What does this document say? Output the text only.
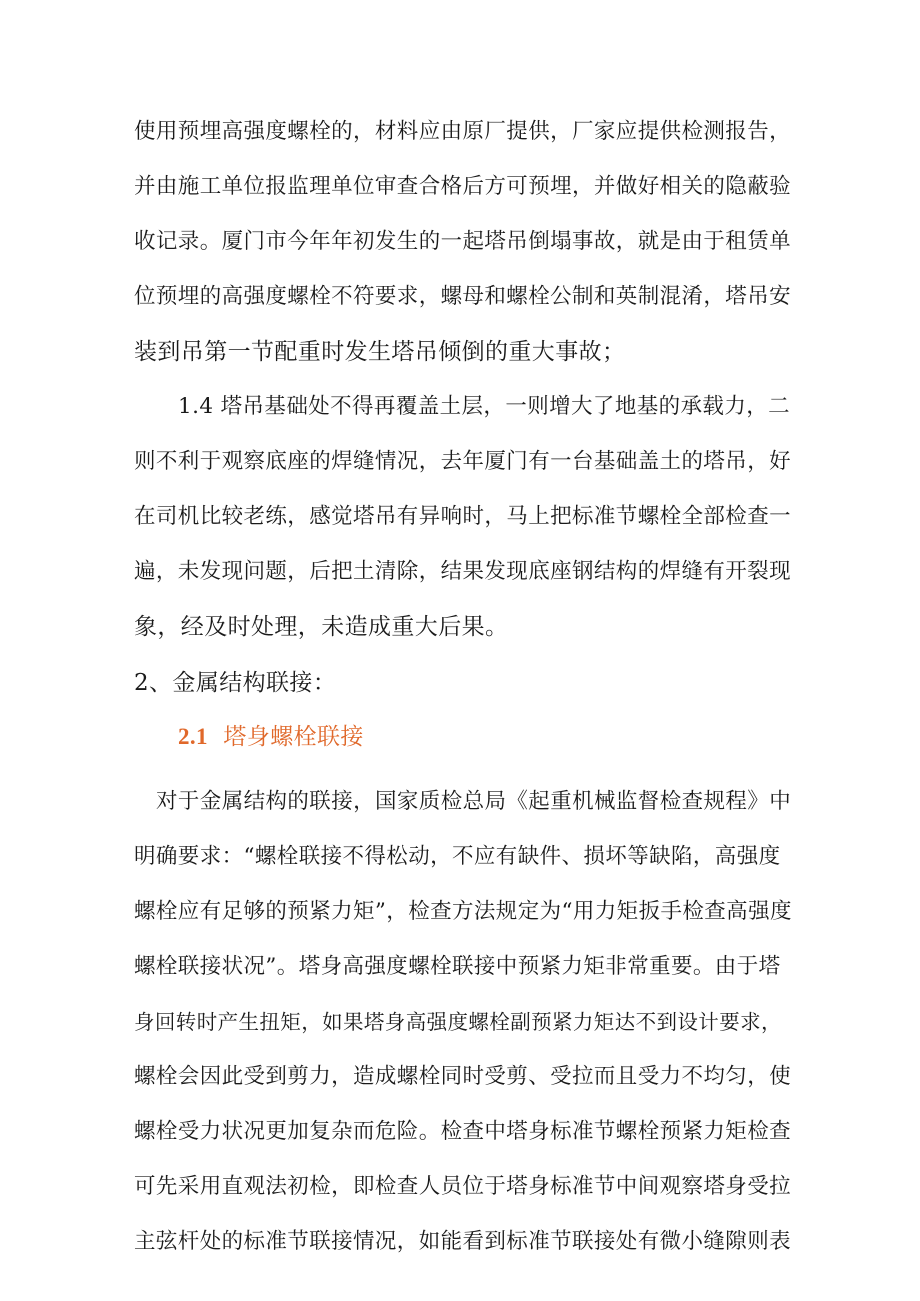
使用预埋高强度螺栓的，材料应由原厂提供，厂家应提供检测报告，
并由施工单位报监理单位审查合格后方可预埋，并做好相关的隐蔽验
收记录。厦门市今年年初发生的一起塔吊倒塌事故，就是由于租赁单
位预埋的高强度螺栓不符要求，螺母和螺栓公制和英制混淆，塔吊安
装到吊第一节配重时发生塔吊倾倒的重大事故；
1.4 塔吊基础处不得再覆盖土层，一则增大了地基的承载力，二
则不利于观察底座的焊缝情况，去年厦门有一台基础盖土的塔吊，好
在司机比较老练，感觉塔吊有异响时，马上把标准节螺栓全部检查一
遍，未发现问题，后把土清除，结果发现底座钢结构的焊缝有开裂现
象，经及时处理，未造成重大后果。
2、金属结构联接：
2.1 塔身螺栓联接
对于金属结构的联接，国家质检总局《起重机械监督检查规程》中
明确要求：“螺栓联接不得松动，不应有缺件、损坏等缺陷，高强度
螺栓应有足够的预紧力矩”，检查方法规定为“用力矩扳手检查高强度
螺栓联接状况”。塔身高强度螺栓联接中预紧力矩非常重要。由于塔
身回转时产生扭矩，如果塔身高强度螺栓副预紧力矩达不到设计要求，
螺栓会因此受到剪力，造成螺栓同时受剪、受拉而且受力不均匀，使
螺栓受力状况更加复杂而危险。检查中塔身标准节螺栓预紧力矩检查
可先采用直观法初检，即检查人员位于塔身标准节中间观察塔身受拉
主弦杆处的标准节联接情况，如能看到标准节联接处有微小缝隙则表
